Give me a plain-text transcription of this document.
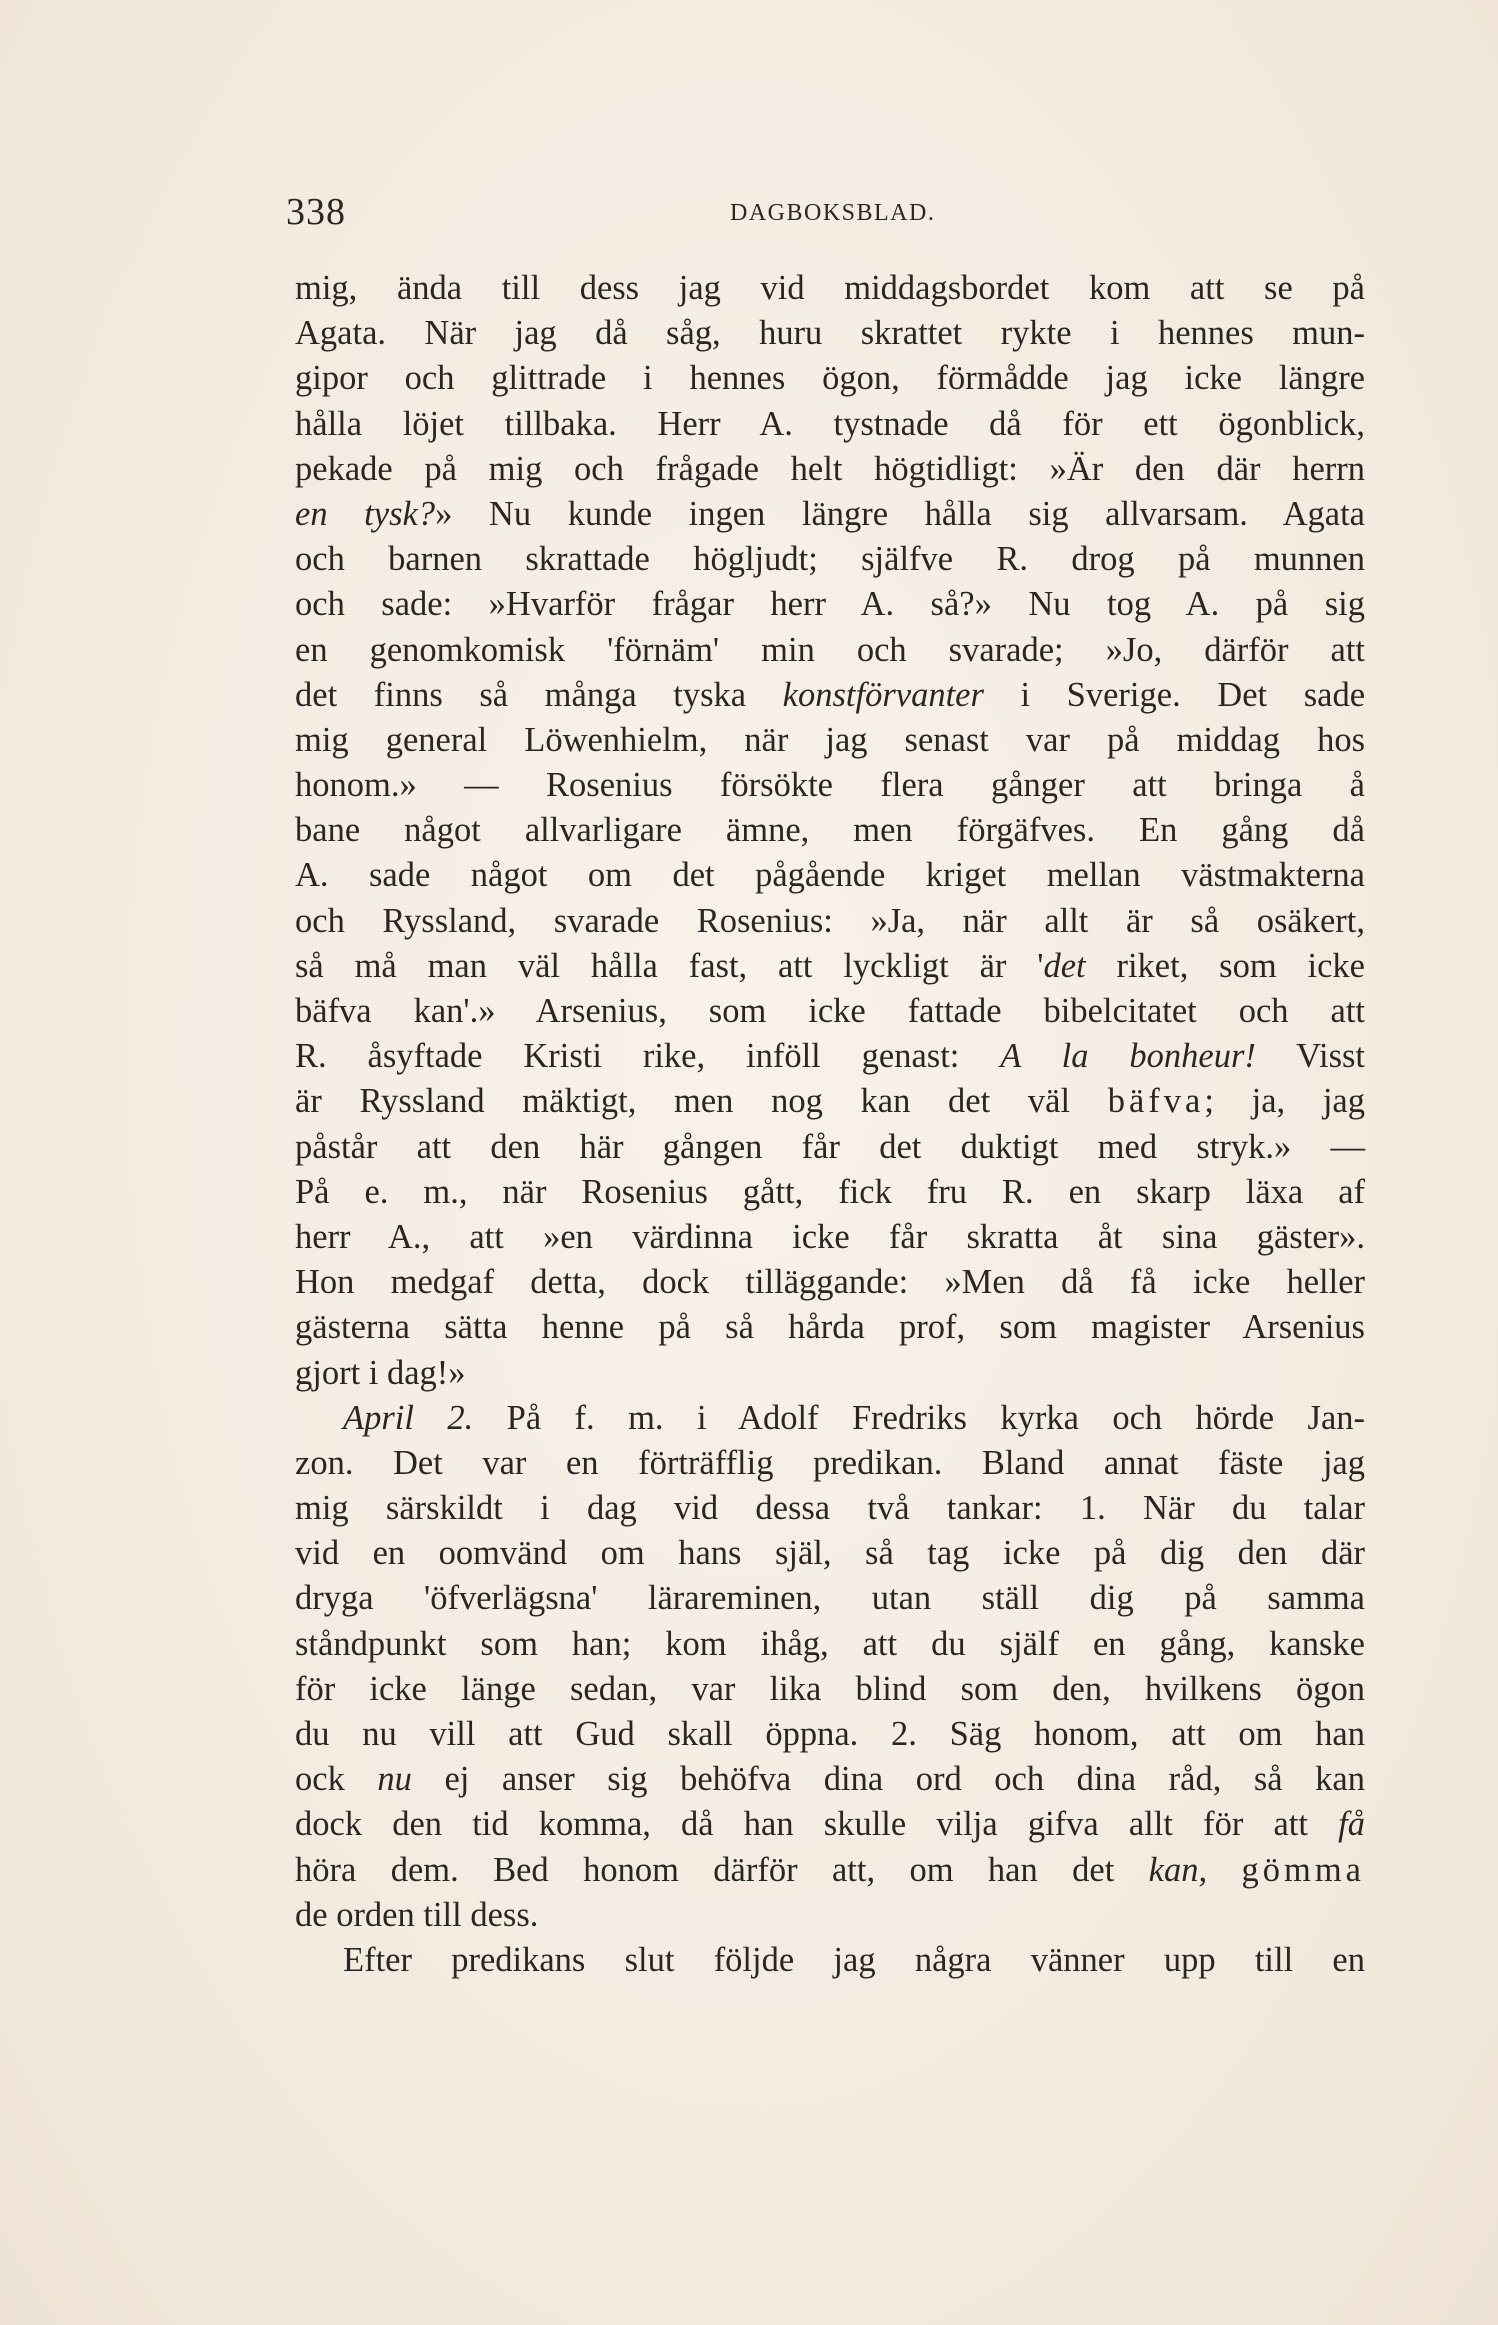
338	DAGBOKSBLAD.
mig, ända till dess jag vid middagsbordet kom att se på
Agata. När jag då såg, huru skrattet rykte i hennes mun-
gipor och glittrade i hennes ögon, förmådde jag icke längre
hålla löjet tillbaka. Herr A. tystnade då för ett ögonblick,
pekade på mig och frågade helt högtidligt: »Är den där herrn
en tysk?» Nu kunde ingen längre hålla sig allvarsam. Agata
och barnen skrattade högljudt; själfve R. drog på munnen
och sade: »Hvarför frågar herr A. så?» Nu tog A. på sig
en genomkomisk 'förnäm' min och svarade; »Jo, därför att
det finns så många tyska konstförvanter i Sverige. Det sade
mig general Löwenhielm, när jag senast var på middag hos
honom.» — Rosenius försökte flera gånger att bringa å
bane något allvarligare ämne, men förgäfves. En gång då
A. sade något om det pågående kriget mellan västmakterna
och Ryssland, svarade Rosenius: »Ja, när allt är så osäkert,
så må man väl hålla fast, att lyckligt är 'det riket, som icke
bäfva kan'.» Arsenius, som icke fattade bibelcitatet och att
R. åsyftade Kristi rike, inföll genast: A la bonheur! Visst
är Ryssland mäktigt, men nog kan det väl bäfva; ja, jag
påstår att den här gången får det duktigt med stryk.» —
På e. m., när Rosenius gått, fick fru R. en skarp läxa af
herr A., att »en värdinna icke får skratta åt sina gäster».
Hon medgaf detta, dock tilläggande: »Men då få icke heller
gästerna sätta henne på så hårda prof, som magister Arsenius
gjort i dag!»
April 2. På f. m. i Adolf Fredriks kyrka och hörde Jan-
zon. Det var en förträfflig predikan. Bland annat fäste jag
mig särskildt i dag vid dessa två tankar: 1. När du talar
vid en oomvänd om hans själ, så tag icke på dig den där
dryga 'öfverlägsna' lärareminen, utan ställ dig på samma
ståndpunkt som han; kom ihåg, att du själf en gång, kanske
för icke länge sedan, var lika blind som den, hvilkens ögon
du nu vill att Gud skall öppna. 2. Säg honom, att om han
ock nu ej anser sig behöfva dina ord och dina råd, så kan
dock den tid komma, då han skulle vilja gifva allt för att få
höra dem. Bed honom därför att, om han det kan, gömma
de orden till dess.
Efter predikans slut följde jag några vänner upp till en
